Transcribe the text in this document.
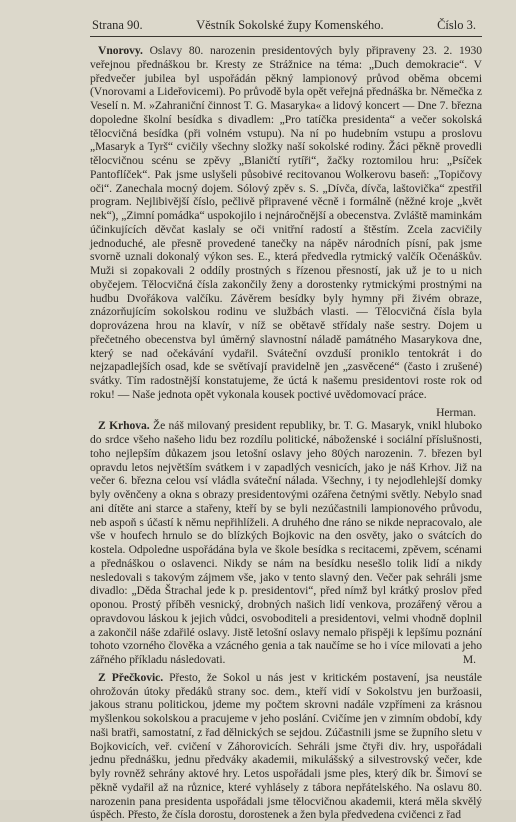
Strana 90.	Věstník Sokolské župy Komenského.	Číslo 3.

Vnorovy. Oslavy 80. narozenin presidentových byly připraveny 23. 2. 1930 veřejnou přednáškou br. Kresty ze Strážnice na téma: „Duch demokracie“. V předvečer jubilea byl uspořádán pěkný lampionový průvod oběma obcemi (Vnorovami a Lideřovicemi). Po průvodě byla opět veřejná přednáška br. Němečka z Veselí n. M. »Zahraniční činnost T. G. Masaryka« a lidový koncert — Dne 7. března dopoledne školní besídka s divadlem: „Pro tatíčka presidenta“ a večer sokolská tělocvičná besídka (při volném vstupu). Na ní po hudebním vstupu a proslovu „Masaryk a Tyrš“ cvičily všechny složky naší sokolské rodiny. Žáci pěkně provedli tělocvičnou scénu se zpěvy „Blaničtí rytíři“, žačky roztomilou hru: „Psíček Pantoflíček“. Pak jsme uslyšeli působivé recitovanou Wolkerovu baseň: „Topičovy oči“. Zanechala mocný dojem. Sólový zpěv s. S. „Dívča, dívča, laštovička“ zpestřil program. Nejlibivější číslo, pečlivě připravené věcně i formálně (něžné kroje „květ nek“), „Zimní pomádka“ uspokojilo i nejnáročnější a obecenstva. Zvláště maminkám účinkujících děvčat kaslaly se oči vnitřní radostí a štěstím. Zcela zacvičily jednoduché, ale přesně provedené tanečky na nápěv národních písní, pak jsme svorně uznali dokonalý výkon ses. E., která předvedla rytmický valčík Očenáškův. Muži si zopakovali 2 oddíly prostných s řízenou přesností, jak už je to u nich obyčejem. Tělocvičná čísla zakončily ženy a dorostenky rytmickými prostnými na hudbu Dvořákova valčíku. Závěrem besídky byly hymny při živém obraze, znázorňujícím sokolskou rodinu ve službách vlasti. — Tělocvičná čísla byla doprovázena hrou na klavír, v níž se obětavě střídaly naše sestry. Dojem u přečetného obecenstva byl úměrný slavnostní náladě památného Masarykova dne, který se nad očekávání vydařil. Sváteční ovzduší proniklo tentokrát i do nejzapadlejších osad, kde se světívají pravidelně jen „zasvěcené“ (často i zrušené) svátky. Tím radostnější konstatujeme, že úctá k našemu presidentovi roste rok od roku! — Naše jednota opět vykonala kousek poctivé uvědomovací práce.

Herman.

Z Krhova. Že náš milovaný president republiky, br. T. G. Masaryk, vnikl hluboko do srdce všeho našeho lidu bez rozdílu politické, náboženské i sociální příslušnosti, toho nejlepším důkazem jsou letošní oslavy jeho 80ých narozenin. 7. březen byl opravdu letos největším svátkem i v zapadlých vesnicích, jako je náš Krhov. Již na večer 6. března celou vsí vládla sváteční nálada. Všechny, i ty nejodlehlejší domky byly ověnčeny a okna s obrazy presidentovými ozářena četnými světly. Nebylo snad ani dítěte ani starce a stařeny, kteří by se byli nezúčastnili lampionového průvodu, neb aspoň s účastí k němu nepřihlíželi. A druhého dne ráno se nikde nepracovalo, ale vše v houfech hrnulo se do blízkých Bojkovic na den osvěty, jako o svátcích do kostela. Odpoledne uspořádána byla ve škole besídka s recitacemi, zpěvem, scénami a přednáškou o oslavenci. Nikdy se nám na besídku nesešlo tolik lidí a nikdy nesledovali s takovým zájmem vše, jako v tento slavný den. Večer pak sehráli jsme divadlo: „Děda Štrachal jede k p. presidentovi“, před nímž byl krátký proslov před oponou. Prostý příběh vesnický, drobných našich lidí venkova, prozářený věrou a opravdovou láskou k jejich vůdci, osvoboditeli a presidentovi, velmi vhodně doplnil a zakončil náše zdařilé oslavy. Jistě letošní oslavy nemalo přispěji k lepšímu poznání tohoto vzorného člověka a vzácného genia a tak naučíme se ho i více milovati a jeho zářného příkladu následovati.	M.

Z Přečkovic. Přesto, že Sokol u nás jest v kritickém postavení, jsa neustále ohrožován útoky předáků strany soc. dem., kteří vidí v Sokolstvu jen buržoasii, jakous stranu politickou, jdeme my počtem skrovni nadále vzpřímeni za krásnou myšlenkou sokolskou a pracujeme v jeho poslání. Cvičíme jen v zimním období, kdy naši bratři, samostatní, z řad dělnických se sejdou. Zúčastnili jsme se župního sletu v Bojkovicích, veř. cvičení v Záhorovicích. Sehráli jsme čtyři div. hry, uspořádali jednu přednášku, jednu předváky akademii, mikulášský a silvestrovský večer, kde byly rovněž sehrány aktové hry. Letos uspořádali jsme ples, který dík br. Šimoví se pěkně vydařil až na různice, které vyhlásely z tábora nepřátelského. Na oslavu 80. narozenin pana presidenta uspořádali jsme tělocvičnou akademii, která měla skvělý úspěch. Přesto, že čísla dorostu, dorostenek a žen byla předvedena cvičenci z řad
